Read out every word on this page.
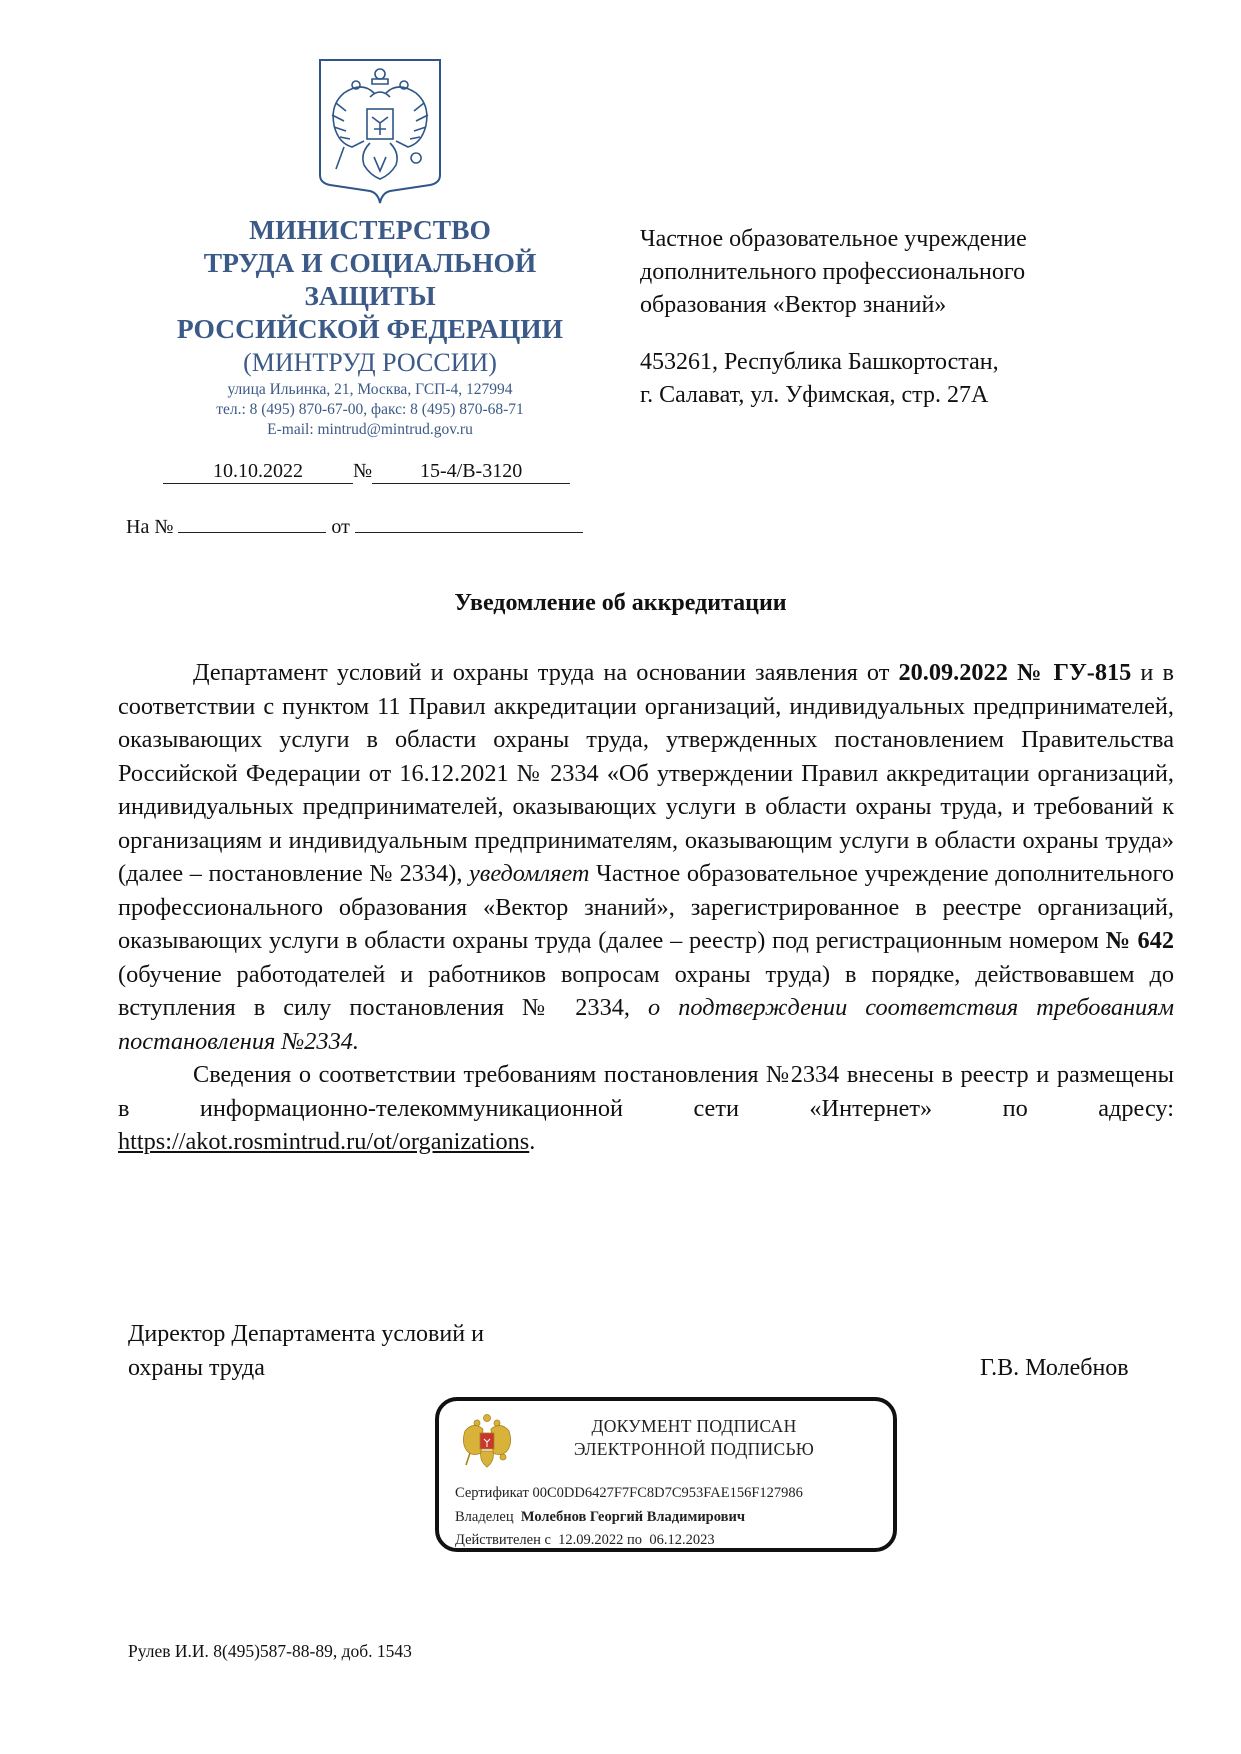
МИНИСТЕРСТВО
ТРУДА И СОЦИАЛЬНОЙ
ЗАЩИТЫ
РОССИЙСКОЙ ФЕДЕРАЦИИ
(МИНТРУД РОССИИ)
улица Ильинка, 21, Москва, ГСП-4, 127994
тел.: 8 (495) 870-67-00, факс: 8 (495) 870-68-71
E-mail: mintrud@mintrud.gov.ru
10.10.2022	№ 15-4/В-3120
На №	от
Частное образовательное учреждение
дополнительного профессионального
образования «Вектор знаний»
453261, Республика Башкортостан,
г. Салават, ул. Уфимская, стр. 27А
Уведомление об аккредитации

Департамент условий и охраны труда на основании заявления от 20.09.2022 № ГУ-815 и в соответствии с пунктом 11 Правил аккредитации организаций, индивидуальных предпринимателей, оказывающих услуги в области охраны труда, утвержденных постановлением Правительства Российской Федерации от 16.12.2021 № 2334 «Об утверждении Правил аккредитации организаций, индивидуальных предпринимателей, оказывающих услуги в области охраны труда, и требований к организациям и индивидуальным предпринимателям, оказывающим услуги в области охраны труда» (далее – постановление № 2334), уведомляет Частное образовательное учреждение дополнительного профессионального образования «Вектор знаний», зарегистрированное в реестре организаций, оказывающих услуги в области охраны труда (далее – реестр) под регистрационным номером № 642 (обучение работодателей и работников вопросам охраны труда) в порядке, действовавшем до вступления в силу постановления № 2334, о подтверждении соответствия требованиям постановления №2334.

Сведения о соответствии требованиям постановления №2334 внесены в реестр и размещены в информационно-телекоммуникационной сети «Интернет» по адресу: https://akot.rosmintrud.ru/ot/organizations.

Директор Департамента условий и
охраны труда	Г.В. Молебнов
ДОКУМЕНТ ПОДПИСАН
ЭЛЕКТРОННОЙ ПОДПИСЬЮ
Сертификат 00C0DD6427F7FC8D7C953FAE156F127986
Владелец Молебнов Георгий Владимирович
Действителен с 12.09.2022 по 06.12.2023
Рулев И.И. 8(495)587-88-89, доб. 1543
